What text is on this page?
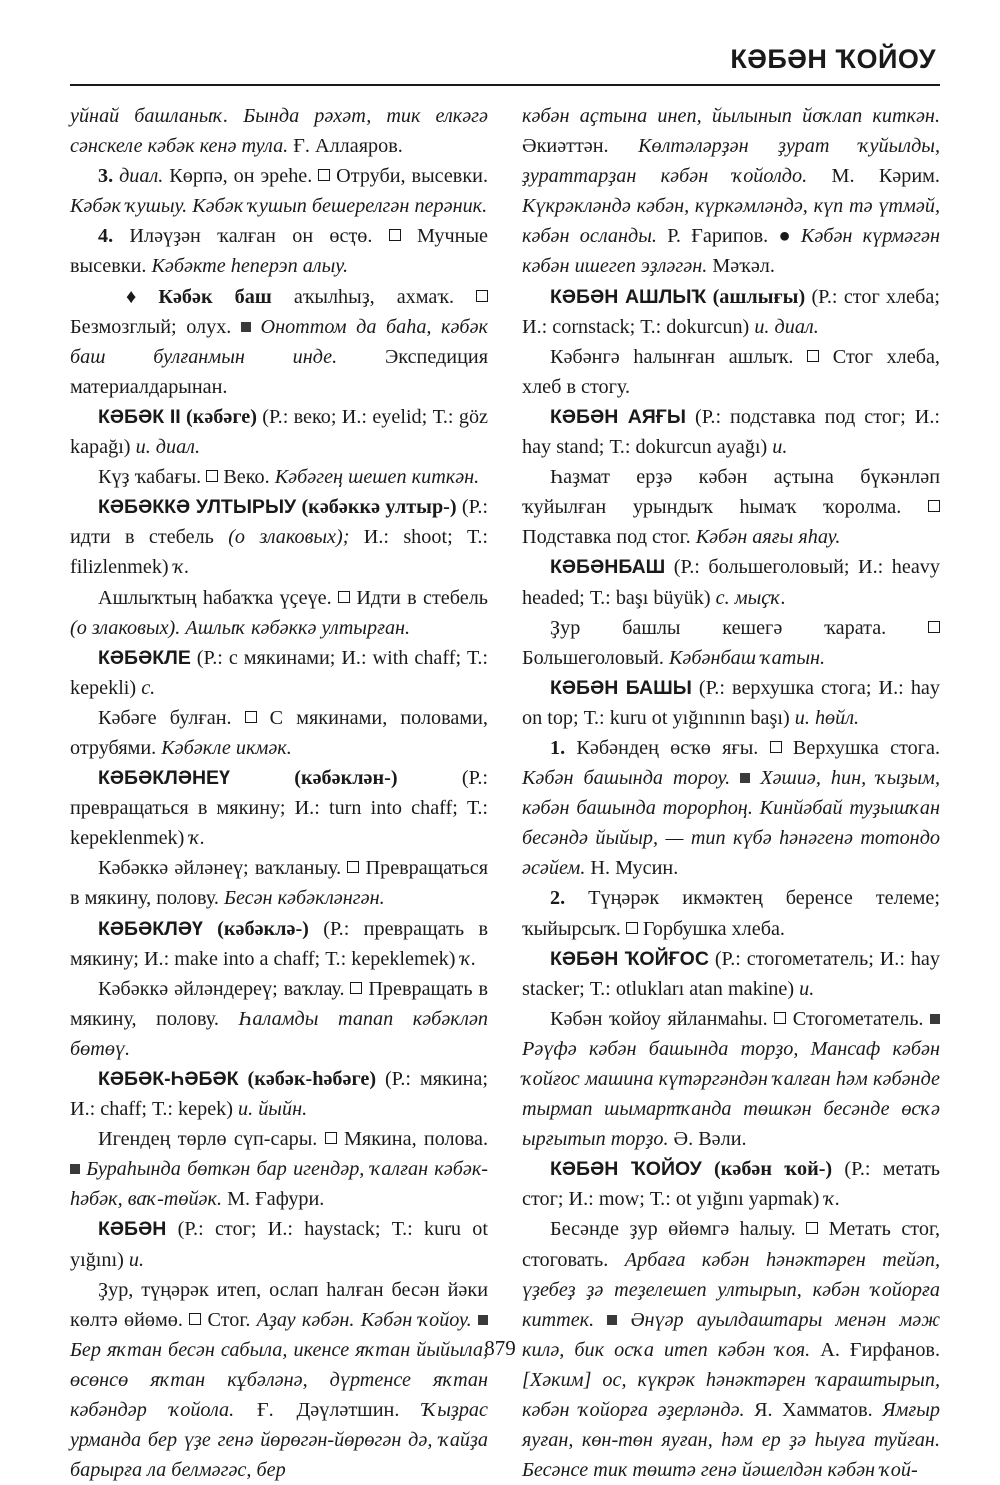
КӘБӘН ҠОЙОУ

уйнай башланыҡ. Бында рәхәт, тик елкәгә сәнскеле кәбәк кенә тула. Ғ. Аллаяров.

3. диал. Көрпә, он эреһе.  Отруби, высевки. Кәбәк ҡушыу. Кәбәк ҡушып бешерелгән перәник.

4. Иләүҙән ҡалған он өсҭө.  Мучные высевки. Кәбәкте һеперэп алыу.

♦ Кәбәк баш аҡылһыҙ, ахмаҡ.  Безмозглый; олух.  Оноттом да баһа, кәбәк баш булғанмын инде. Экспедиция материалдарынан.

КӘБӘК II (кәбәге) (Р.: веко; И.: eyelid; Т.: göz kapağı) и. диал.

Күҙ ҡабағы.  Веко. Кәбәгең шешеп киткән.

КӘБӘККӘ УЛТЫРЫУ (кәбәккә ултыр-) (Р.: идти в стебель (о злаковых); И.: shoot; Т.: filizlenmek) ҡ.

Ашлыҡтың һабаҡҡа үҫеүе.  Идти в стебель (о злаковых). Ашлыҡ кәбәккә ултырған.

КӘБӘКЛЕ (Р.: с мякинами; И.: with chaff; Т.: kepekli) с.

Кәбәге булған.  С мякинами, половами, отрубями. Кәбәкле икмәк.

КӘБӘКЛӘНЕҮ (кәбәклән-) (Р.: превращаться в мякину; И.: turn into chaff; Т.: kepeklenmek) ҡ.

Кәбәккә әйләнеү; ваҡланыу.  Превращаться в мякину, полову. Бесән кәбәкләнгән.

КӘБӘКЛӘҮ (кәбәклә-) (Р.: превращать в мякину; И.: make into a chaff; Т.: kepeklemek) ҡ.

Кәбәккә әйләндереү; ваҡлау.  Превращать в мякину, полову. Һаламды тапап кәбәкләп бөтөү.

КӘБӘК-ҺӘБӘК (кәбәк-һәбәге) (Р.: мякина; И.: chaff; Т.: kepek) и. йыйн.

Игендең төрлө сүп-сары.  Мякина, полова.  Бураһында бөткән бар игендәр, ҡалған кәбәк-һәбәк, ваҡ-төйәк. М. Ғафури.

КӘБӘН (Р.: стог; И.: haystack; Т.: kuru ot yığını) и.

Ҙур, түңәрәк итеп, ослап һалған бесән йәки көлтә өйөмө.  Стог. Аҙау кәбән. Кәбән ҡойоу.  Бер яҡтан бесән сабыла, икенсе яҡтан йыйыла, өсөнсө яҡтан кұбәләнә, дүртенсе яҡтан кәбәндәр ҡойола. Ғ. Дәүләтшин. Ҡыҙрас урманда бер үҙе генә йөрөгән-йөрөгән дә, ҡайҙа барырға ла белмәгәс, бер

кәбән аҫтына инеп, йылынып йоҡлап киткән. Әкиәттән. Көлтәләрҙән ҙурат ҡуйылды, ҙураттарҙан кәбән ҡойолдо. М. Кәрим. Күкрәкләндә кәбән, күркәмләндә, күп тә үтмәй, кәбән осланды. Р. Ғарипов. ● Кәбән күрмәгән кәбән ишегеп эҙләгән. Мәҡәл.

КӘБӘН АШЛЫҠ (ашлығы) (Р.: стог хлеба; И.: cornstack; Т.: dokurcun) и. диал.

Кәбәнгә һалынған ашлыҡ.  Стог хлеба, хлеб в стогу.

КӘБӘН АЯҒЫ (Р.: подставка под стог; И.: hay stand; Т.: dokurcun ayağı) и.

Һаҙмат ерҙә кәбән аҫтына бүкәнләп ҡуйылған урындыҡ һымаҡ ҡоролма.  Подставка под стог. Кәбән аяғы яһау.

КӘБӘНБАШ (Р.: большеголовый; И.: heavy headed; Т.: başı büyük) с. мыҫҡ.

Ҙур башлы кешегә ҡарата.  Большеголовый. Кәбәнбаш ҡатын.

КӘБӘН БАШЫ (Р.: верхушка стога; И.: hay on top; Т.: kuru ot yığınının başı) и. һөйл.

1. Кәбәндең өсҡө яғы.  Верхушка стога. Кәбән башында тороу.  Хәшиә, һин, ҡыҙым, кәбән башында торорһоң. Кинйәбай туҙышҡан бесәндә йыйыр, — тип күбә һәнәгенә тотондо әсәйем. Н. Мусин.

2. Түңәрәк икмәктең беренсе телеме; ҡыйырсыҡ.  Горбушка хлеба.

КӘБӘН ҠОЙҒОС (Р.: стогометатель; И.: hay stacker; Т.: otlukları atan makine) и.

Кәбән ҡойоу яйланмаһы.  Стогометатель.  Рәүфә кәбән башында торҙо, Мансаф кәбән ҡойғос машина күтәргәндән ҡалған һәм кәбәнде тырмап шымартҡанда төшкән бесәнде өсҡә ырғытып торҙо. Ә. Вәли.

КӘБӘН ҠОЙОУ (кәбән ҡой-) (Р.: метать стог; И.: mow; Т.: ot yığını yapmak) ҡ.

Бесәнде ҙур өйөмгә һалыу.  Метать стог, стоговать. Арбаға кәбән һәнәктәрен тейәп, үҙебеҙ ҙә теҙелешеп ултырып, кәбән ҡойорға киттек.  Әнүәр ауылдаштары менән мәж килә, бик осҡа итеп кәбән ҡоя. А. Ғирфанов. [Хәким] ос, күкрәк һәнәктәрен ҡараштырып, кәбән ҡойорға әҙерләндә. Я. Хамматов. Ямғыр яуған, көн-төн яуған, һәм ер ҙә һыуға туйған. Бесәнсе тик төштә генә йәшелдән кәбән ҡой-

879
